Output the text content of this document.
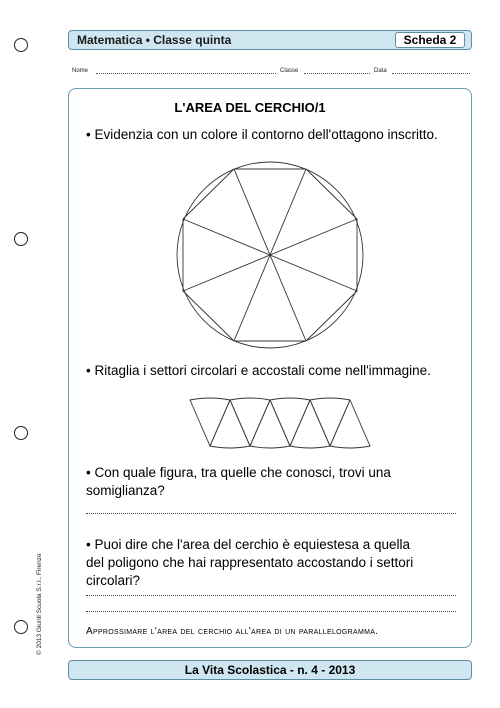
Matematica • Classe quinta	Scheda 2
Nome	Classe	Data
L'AREA DEL CERCHIO/1
• Evidenzia con un colore il contorno dell'ottagono inscritto.
• Ritaglia i settori circolari e accostali come nell'immagine.
• Con quale figura, tra quelle che conosci, trovi una somiglianza?
• Puoi dire che l'area del cerchio è equiestesa a quella del poligono che hai rappresentato accostando i settori circolari?
Approssimare l'area del cerchio all'area di un parallelogramma.
© 2013 Giunti Scuola S.r.l., Firenze
La Vita Scolastica - n. 4 - 2013
